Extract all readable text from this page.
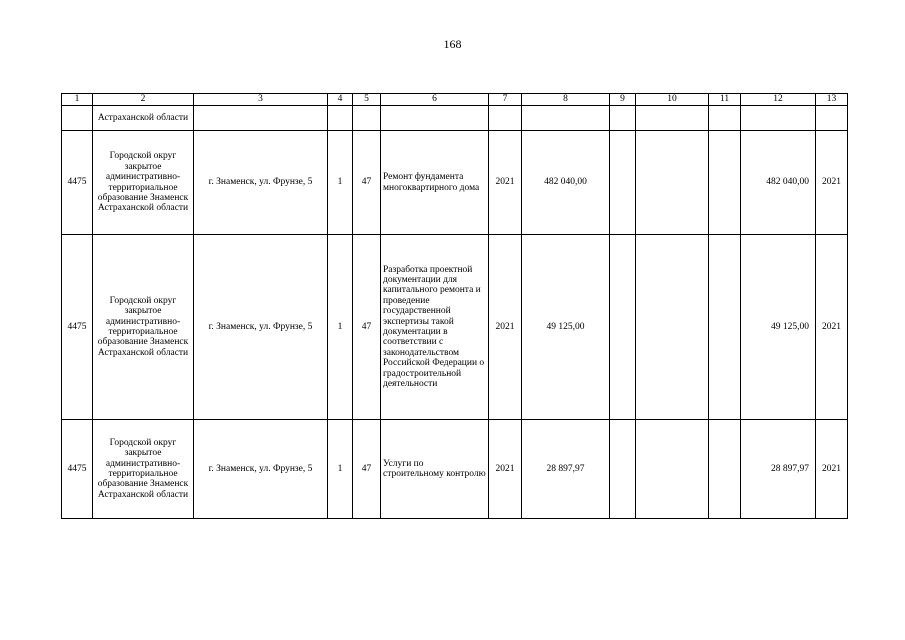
168
1	2	3	4	5	6	7	8	9	10	11	12	13
	Астраханской области											
4475	Городской округ закрытое административно-территориальное образование Знаменск Астраханской области	г. Знаменск, ул. Фрунзе, 5	1	47	Ремонт фундамента многоквартирного дома	2021	482 040,00				482 040,00	2021
4475	Городской округ закрытое административно-территориальное образование Знаменск Астраханской области	г. Знаменск, ул. Фрунзе, 5	1	47	Разработка проектной документации для капитального ремонта и проведение государственной экспертизы такой документации в соответствии с законодательством Российской Федерации о градостроительной деятельности	2021	49 125,00				49 125,00	2021
4475	Городской округ закрытое административно-территориальное образование Знаменск Астраханской области	г. Знаменск, ул. Фрунзе, 5	1	47	Услуги по строительному контролю	2021	28 897,97				28 897,97	2021
